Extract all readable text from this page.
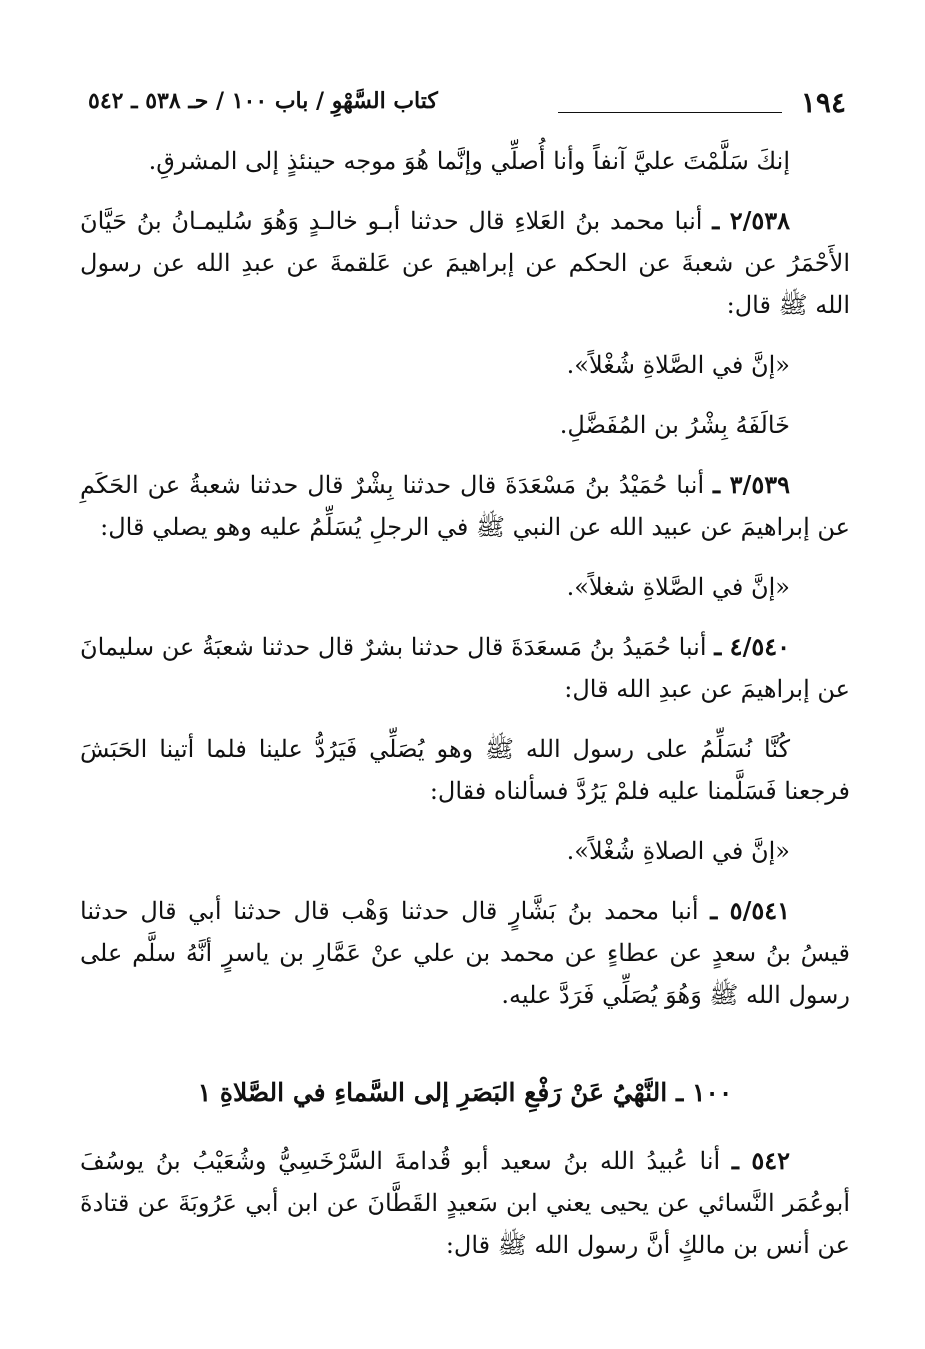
١٩٤
كتاب السَّهْوِ / باب ١٠٠ / حـ ٥٣٨ ـ ٥٤٢

إنكَ سَلَّمْتَ عليَّ آنفاً وأنا أُصلِّي وإنَّما هُوَ موجه حينئذٍ إلى المشرقِ.

٢/٥٣٨ ـ أنبا محمد بنُ العَلاءِ قال حدثنا أبـو خالـدٍ وَهُوَ سُليمـانُ بنُ حَيَّانَ الأَحْمَرُ عن شعبةَ عن الحكم عن إبراهيمَ عن عَلقمةَ عن عبدِ الله عن رسول الله ﷺ قال:

«إنَّ في الصَّلاةِ شُغْلاً».

خَالَفَهُ بِشْرُ بن المُفَضَّلِ.

٣/٥٣٩ ـ أنبا حُمَيْدُ بنُ مَسْعَدَةَ قال حدثنا بِشْرٌ قال حدثنا شعبةُ عن الحَكَمِ عن إبراهيمَ عن عبيد الله عن النبي ﷺ في الرجلِ يُسَلِّمُ عليه وهو يصلي قال:

«إنَّ في الصَّلاةِ شغلاً».

٤/٥٤٠ ـ أنبا حُمَيدُ بنُ مَسعَدَةَ قال حدثنا بشرٌ قال حدثنا شعبَةُ عن سليمانَ عن إبراهيمَ عن عبدِ الله قال:

كُنَّا نُسَلِّمُ على رسول الله ﷺ وهو يُصَلِّي فَيَرُدُّ علينا فلما أتينا الحَبَشَ فرجعنا فَسَلَّمنا عليه فلمْ يَرُدَّ فسألناه فقال:

«إنَّ في الصلاةِ شُغْلاً».

٥/٥٤١ ـ أنبا محمد بنُ بَشَّارٍ قال حدثنا وَهْب قال حدثنا أبي قال حدثنا قيسُ بنُ سعدٍ عن عطاءٍ عن محمد بن علي عنْ عَمَّارِ بن ياسرٍ أنَّهُ سلَّم على رسول الله ﷺ وَهُوَ يُصَلِّي فَرَدَّ عليه.

١٠٠ ـ النَّهْيُ عَنْ رَفْعِ البَصَرِ إلى السَّماءِ في الصَّلاةِ ١

٥٤٢ ـ أنا عُبيدُ الله بنُ سعيد أبو قُدامةَ السَّرْخَسِيُّ وشُعَيْبُ بنُ يوسُفَ أبوعُمَر النَّسائي عن يحيى يعني ابن سَعيدٍ القَطَّانَ عن ابن أبي عَرُوبَةَ عن قتادةَ عن أنس بن مالكٍ أنَّ رسول الله ﷺ قال:
